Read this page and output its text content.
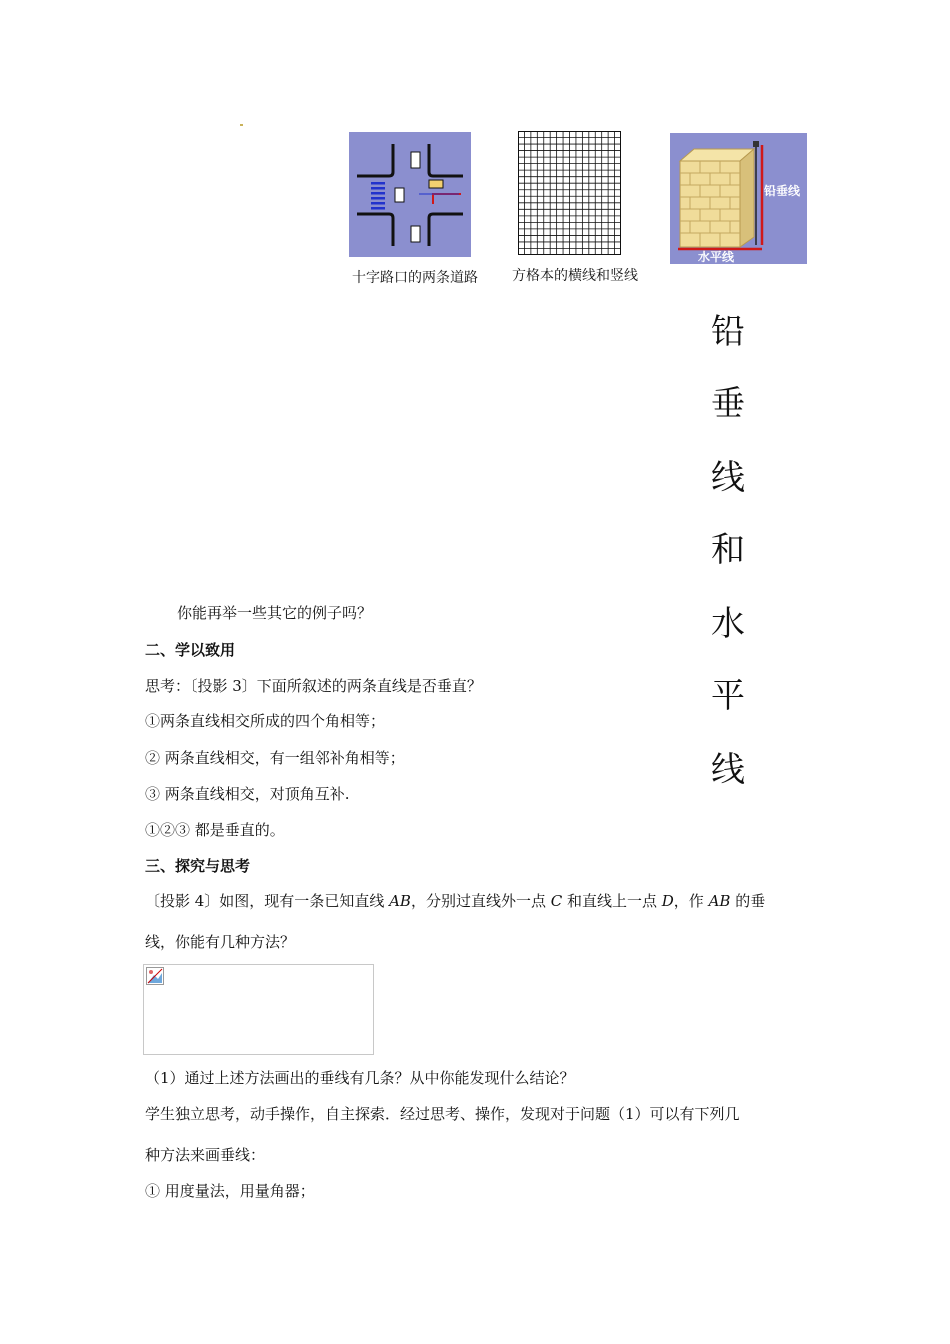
十字路口的两条道路 方格本的横线和竖线
铅垂线
水平线
铅
垂
线
和
水
平
线
你能再举一些其它的例子吗？
二、学以致用
思考：〔投影 3〕下面所叙述的两条直线是否垂直？
①两条直线相交所成的四个角相等；
② 两条直线相交，有一组邻补角相等；
③ 两条直线相交，对顶角互补.
①②③ 都是垂直的。
三、探究与思考
〔投影 4〕如图，现有一条已知直线 AB，分别过直线外一点 C 和直线上一点 D，作 AB 的垂
线，你能有几种方法？
（1）通过上述方法画出的垂线有几条？从中你能发现什么结论？
学生独立思考，动手操作，自主探索．经过思考、操作，发现对于问题（1）可以有下列几
种方法来画垂线：
① 用度量法，用量角器；
